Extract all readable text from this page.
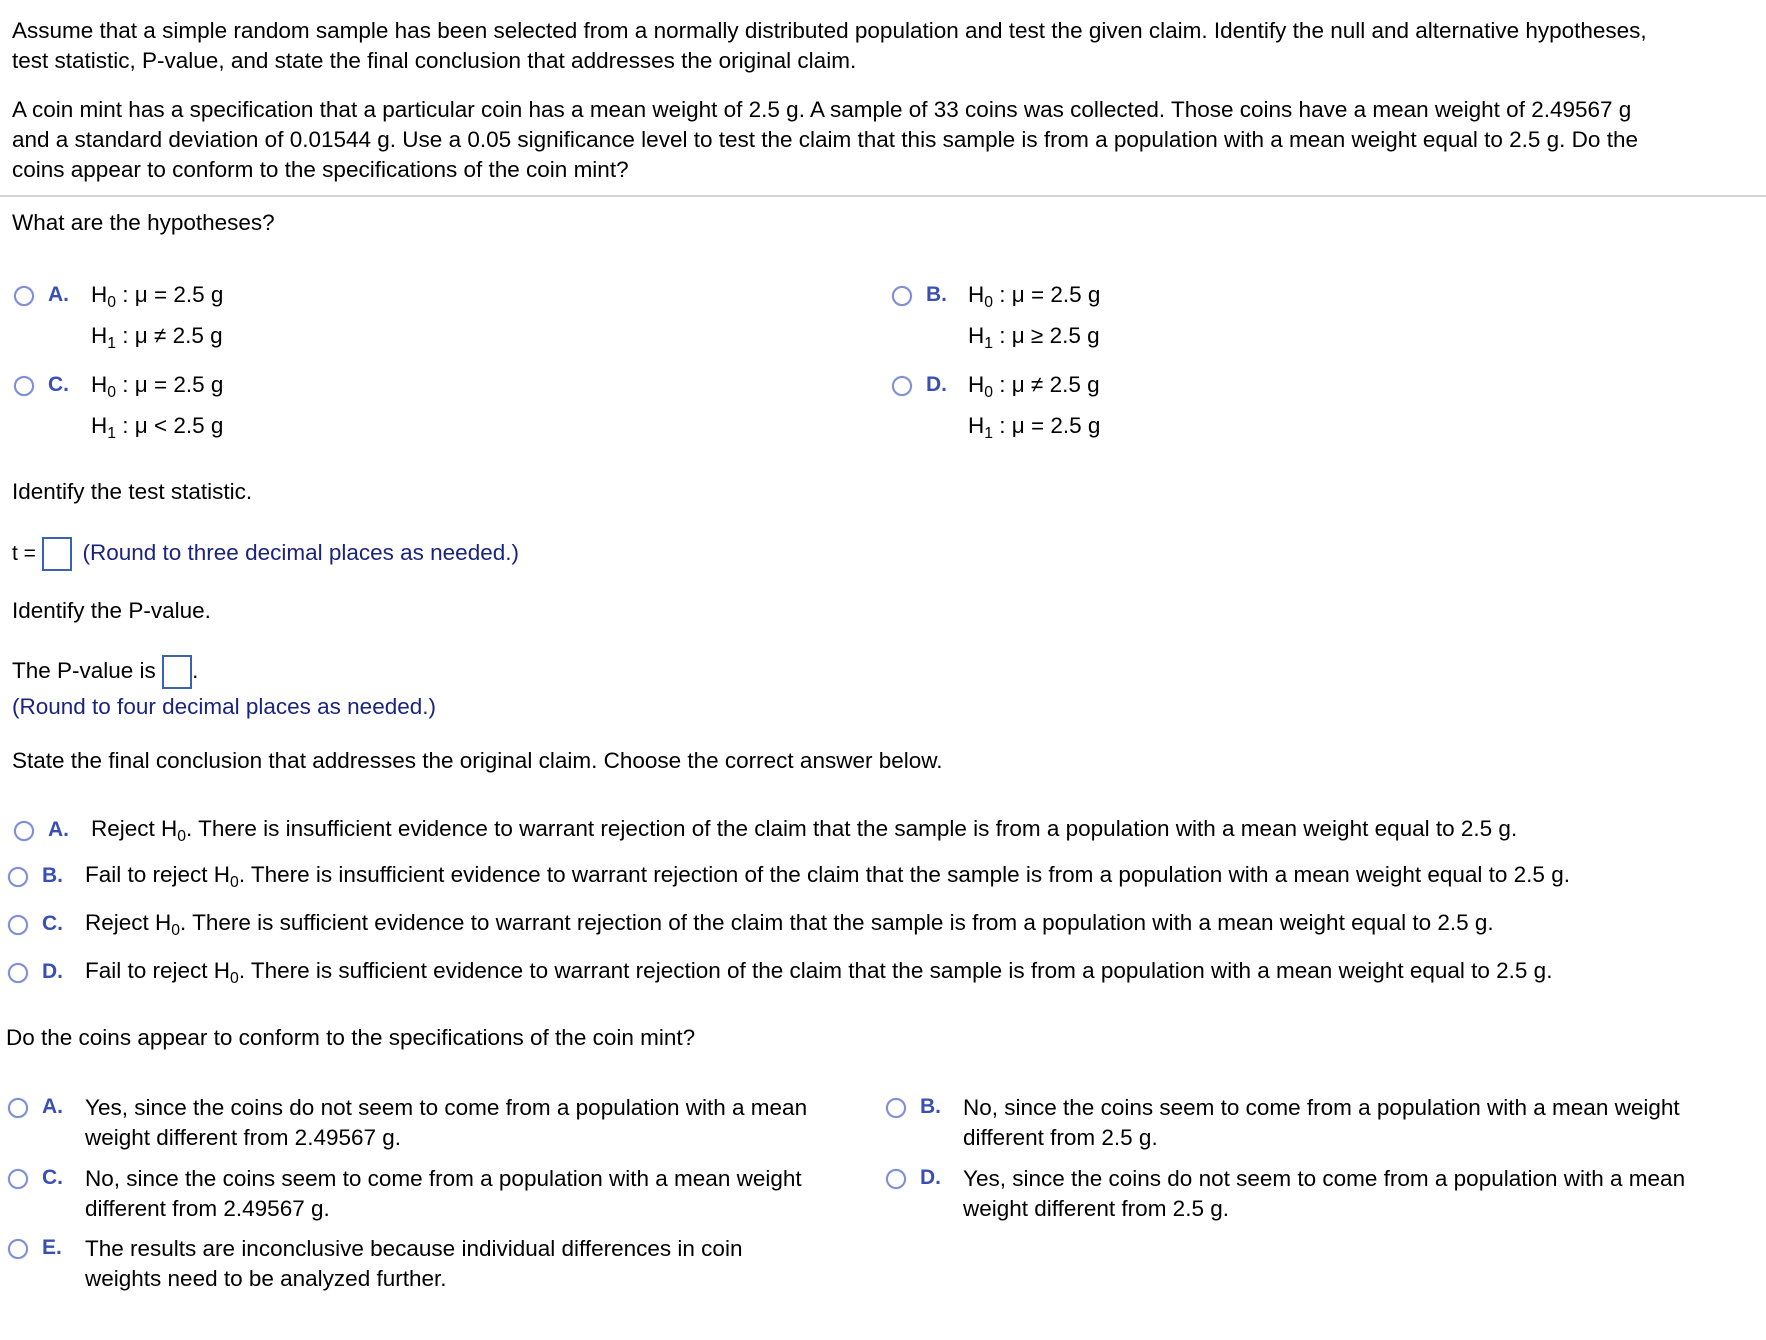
Assume that a simple random sample has been selected from a normally distributed population and test the given claim. Identify the null and alternative hypotheses,
test statistic, P-value, and state the final conclusion that addresses the original claim.
A coin mint has a specification that a particular coin has a mean weight of 2.5 g. A sample of 33 coins was collected. Those coins have a mean weight of 2.49567 g
and a standard deviation of 0.01544 g. Use a 0.05 significance level to test the claim that this sample is from a population with a mean weight equal to 2.5 g. Do the
coins appear to conform to the specifications of the coin mint?
What are the hypotheses?
A. $H_0$ : μ = 2.5 g
$H_1$ : μ ≠ 2.5 g
B. $H_0$ : μ = 2.5 g
$H_1$ : μ ≥ 2.5 g
C. $H_0$ : μ = 2.5 g
$H_1$ : μ < 2.5 g
D. $H_0$ : μ ≠ 2.5 g
$H_1$ : μ = 2.5 g
Identify the test statistic.
t = (Round to three decimal places as needed.)
Identify the P-value.
The P-value is .
(Round to four decimal places as needed.)
State the final conclusion that addresses the original claim. Choose the correct answer below.
A. Reject $H_0$. There is insufficient evidence to warrant rejection of the claim that the sample is from a population with a mean weight equal to 2.5 g.
B. Fail to reject $H_0$. There is insufficient evidence to warrant rejection of the claim that the sample is from a population with a mean weight equal to 2.5 g.
C. Reject $H_0$. There is sufficient evidence to warrant rejection of the claim that the sample is from a population with a mean weight equal to 2.5 g.
D. Fail to reject $H_0$. There is sufficient evidence to warrant rejection of the claim that the sample is from a population with a mean weight equal to 2.5 g.
Do the coins appear to conform to the specifications of the coin mint?
A. Yes, since the coins do not seem to come from a population with a mean
weight different from 2.49567 g.
B. No, since the coins seem to come from a population with a mean weight
different from 2.5 g.
C. No, since the coins seem to come from a population with a mean weight
different from 2.49567 g.
D. Yes, since the coins do not seem to come from a population with a mean
weight different from 2.5 g.
E. The results are inconclusive because individual differences in coin
weights need to be analyzed further.
